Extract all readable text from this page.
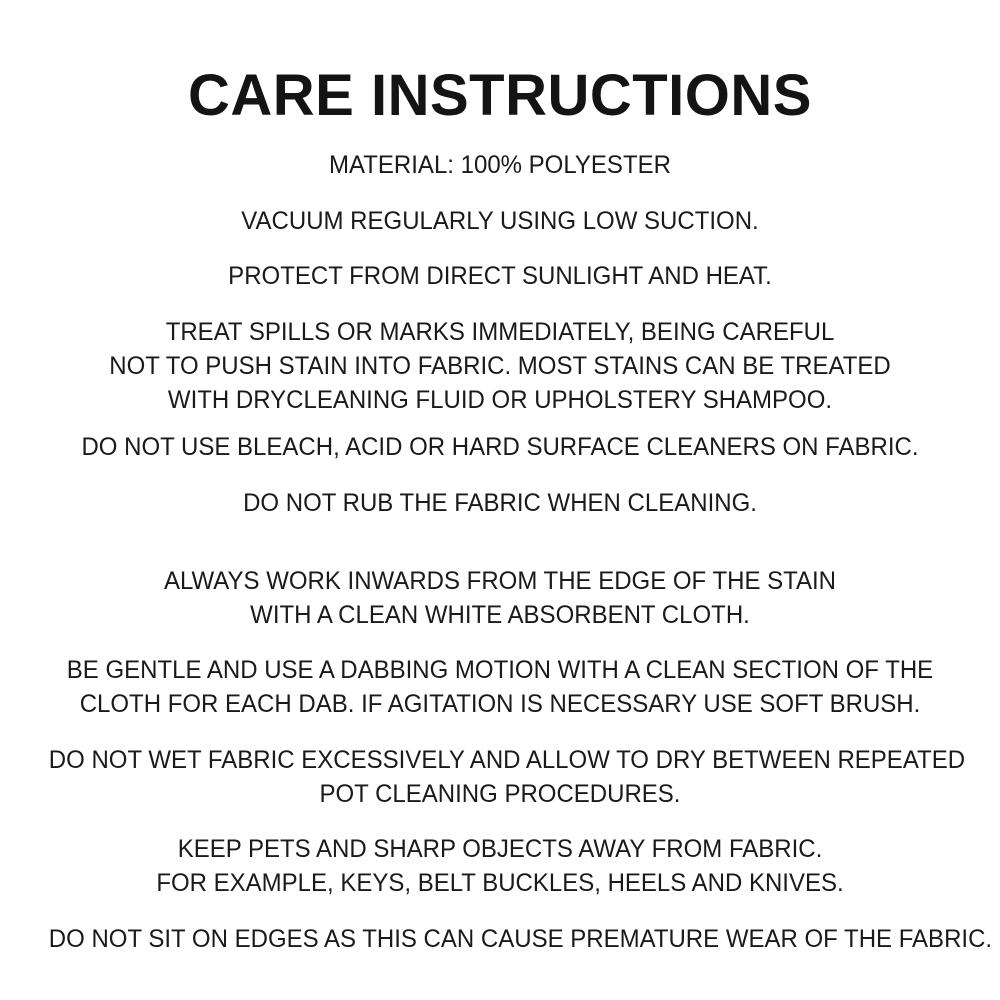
CARE INSTRUCTIONS
MATERIAL: 100% POLYESTER
VACUUM REGULARLY USING LOW SUCTION.
PROTECT FROM DIRECT SUNLIGHT AND HEAT.
TREAT SPILLS OR MARKS IMMEDIATELY, BEING CAREFUL
NOT TO PUSH STAIN INTO FABRIC. MOST STAINS CAN BE TREATED
WITH DRYCLEANING FLUID OR UPHOLSTERY SHAMPOO.
DO NOT USE BLEACH, ACID OR HARD SURFACE CLEANERS ON FABRIC.
DO NOT RUB THE FABRIC WHEN CLEANING.
ALWAYS WORK INWARDS FROM THE EDGE OF THE STAIN
WITH A CLEAN WHITE ABSORBENT CLOTH.
BE GENTLE AND USE A DABBING MOTION WITH A CLEAN SECTION OF THE
CLOTH FOR EACH DAB. IF AGITATION IS NECESSARY USE SOFT BRUSH.
DO NOT WET FABRIC EXCESSIVELY AND ALLOW TO DRY BETWEEN REPEATED
POT CLEANING PROCEDURES.
KEEP PETS AND SHARP OBJECTS AWAY FROM FABRIC.
FOR EXAMPLE, KEYS, BELT BUCKLES, HEELS AND KNIVES.
DO NOT SIT ON EDGES AS THIS CAN CAUSE PREMATURE WEAR OF THE FABRIC.
